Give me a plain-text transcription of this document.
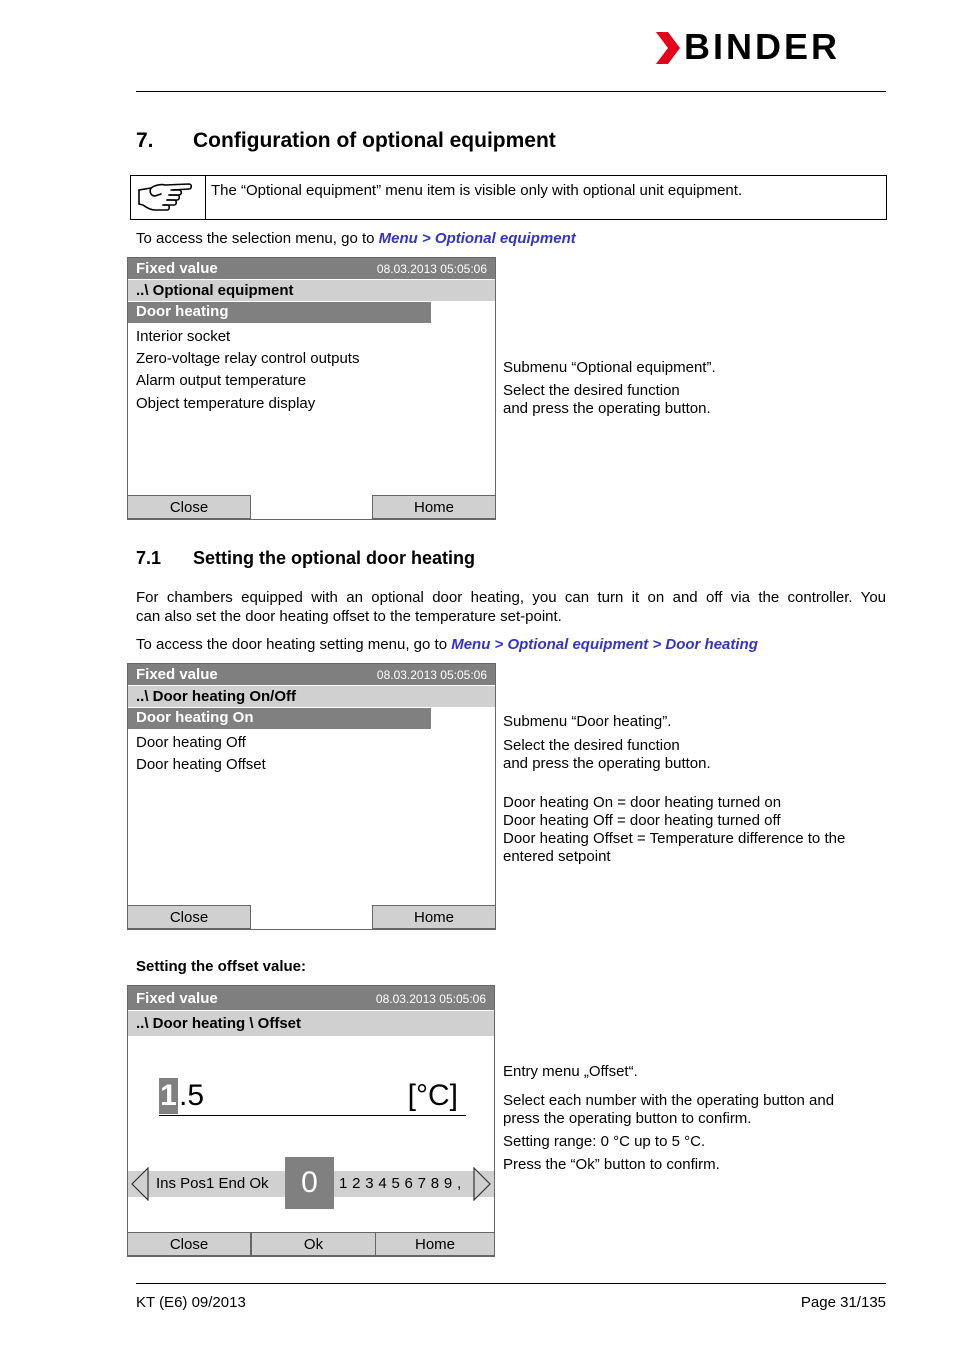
BINDER
7. Configuration of optional equipment
The “Optional equipment” menu item is visible only with optional unit equipment.
To access the selection menu, go to Menu > Optional equipment
Fixed value	08.03.2013 05:05:06
..\ Optional equipment
Door heating
Interior socket
Zero-voltage relay control outputs
Alarm output temperature
Object temperature display
Close	Home
Submenu “Optional equipment”.
Select the desired function
and press the operating button.
7.1 Setting the optional door heating
For chambers equipped with an optional door heating, you can turn it on and off via the controller. You
can also set the door heating offset to the temperature set-point.
To access the door heating setting menu, go to Menu > Optional equipment > Door heating
Fixed value	08.03.2013 05:05:06
..\ Door heating On/Off
Door heating On
Door heating Off
Door heating Offset
Close	Home
Submenu “Door heating”.
Select the desired function
and press the operating button.
Door heating On = door heating turned on
Door heating Off = door heating turned off
Door heating Offset = Temperature difference to the
entered setpoint
Setting the offset value:
Fixed value	08.03.2013 05:05:06
..\ Door heating \ Offset
1 .5	[°C]
Ins Pos1 End Ok	0	1 2 3 4 5 6 7 8 9 ,
Close	Ok	Home
Entry menu „Offset“.
Select each number with the operating button and
press the operating button to confirm.
Setting range: 0 °C up to 5 °C.
Press the “Ok” button to confirm.
KT (E6) 09/2013	Page 31/135
